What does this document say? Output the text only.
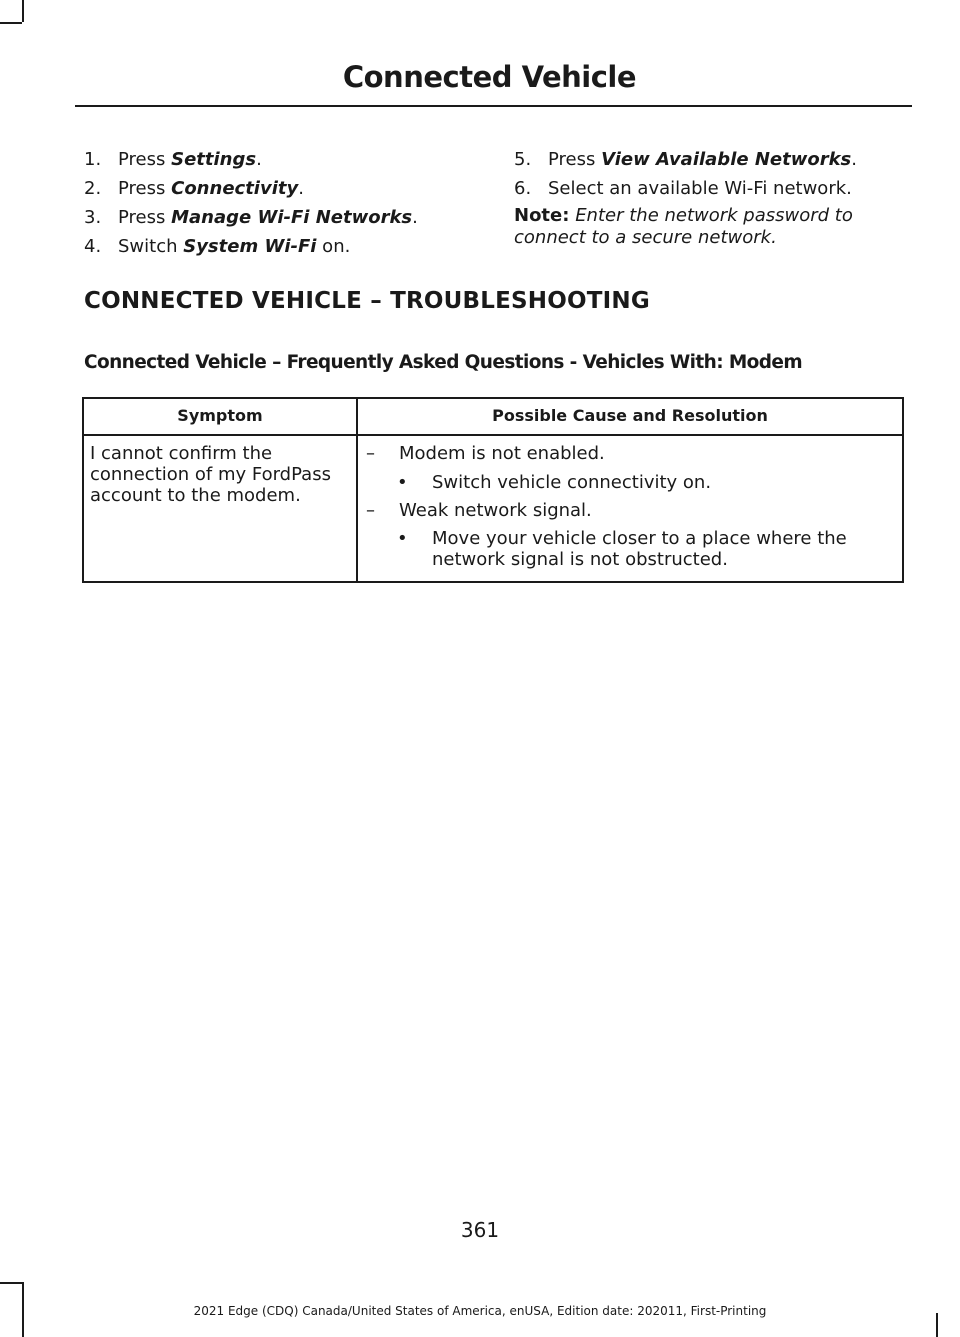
Connected Vehicle
1. Press Settings.
2. Press Connectivity.
3. Press Manage Wi-Fi Networks.
4. Switch System Wi-Fi on.
5. Press View Available Networks.
6. Select an available Wi-Fi network.
Note: Enter the network password to connect to a secure network.
CONNECTED VEHICLE – TROUBLESHOOTING
Connected Vehicle – Frequently Asked Questions - Vehicles With: Modem
Symptom	Possible Cause and Resolution
I cannot confirm the connection of my FordPass account to the modem.
– Modem is not enabled.
• Switch vehicle connectivity on.
– Weak network signal.
• Move your vehicle closer to a place where the network signal is not obstructed.
361
2021 Edge (CDQ) Canada/United States of America, enUSA, Edition date: 202011, First-Printing
